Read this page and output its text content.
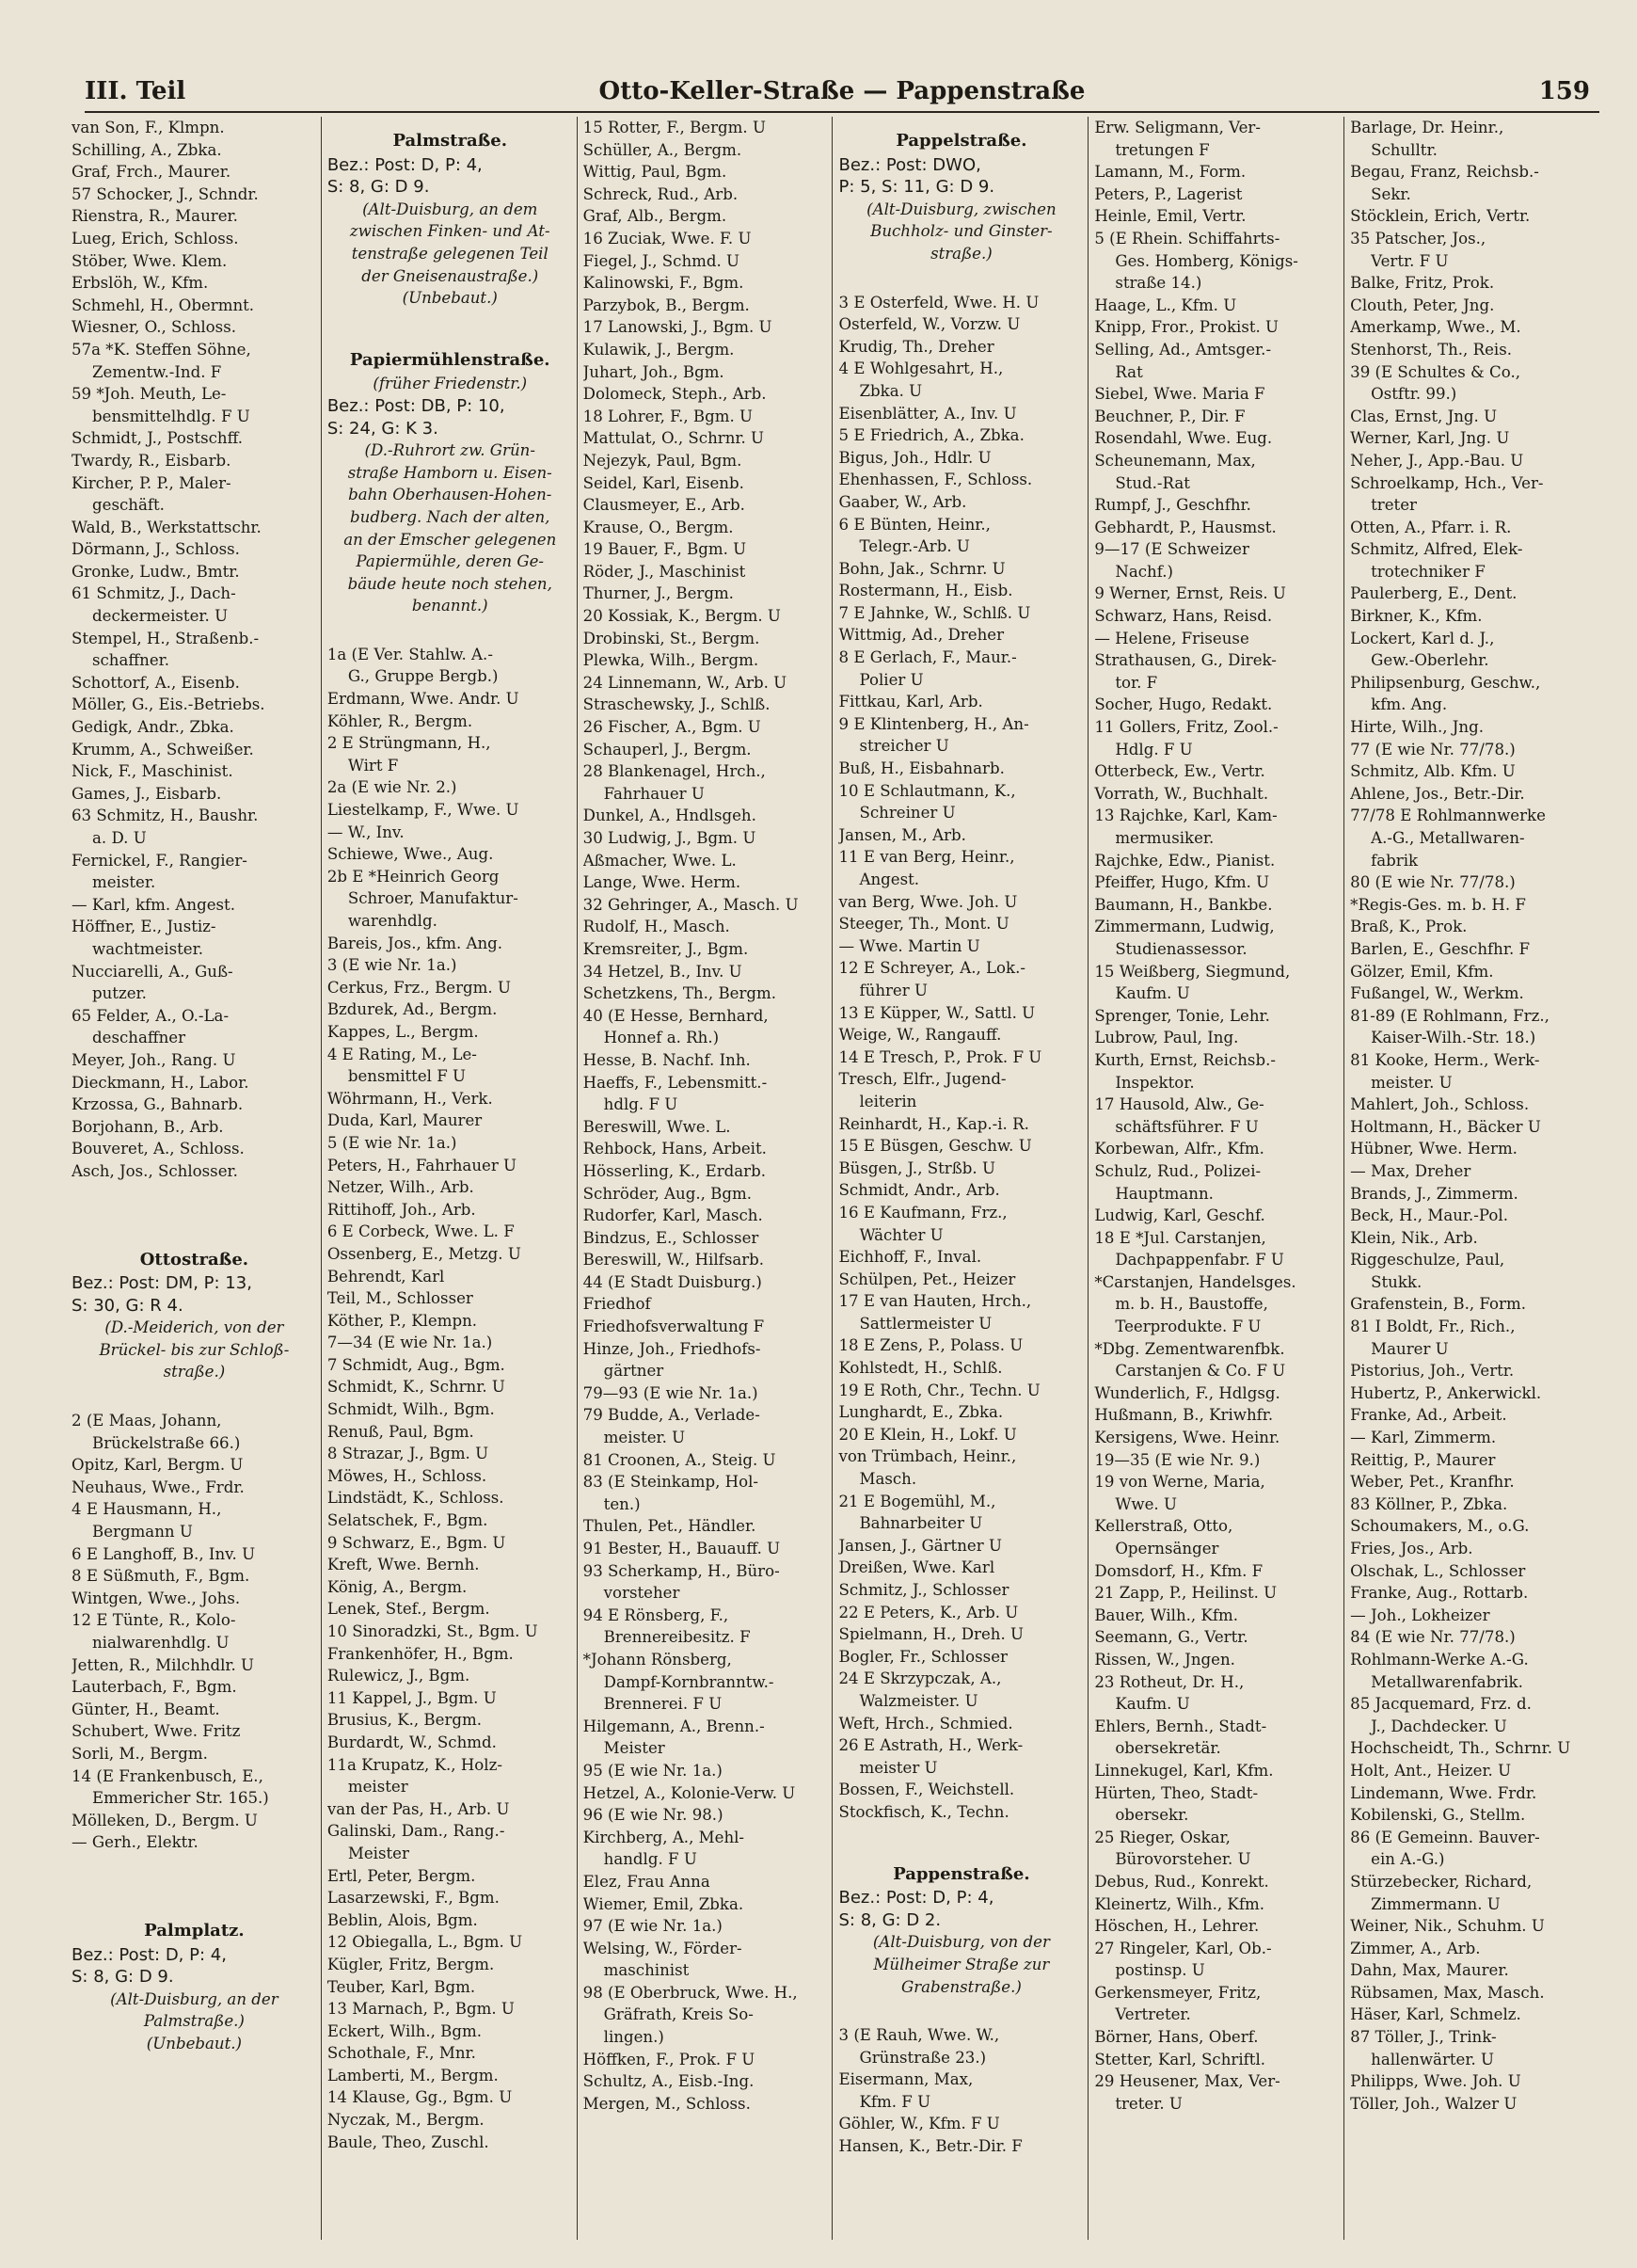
III. Teil	Otto-Keller-Straße — Pappenstraße	159
van Son, F., Klmpn.
Schilling, A., Zbka.
Graf, Frch., Maurer.
57 Schocker, J., Schndr.
Rienstra, R., Maurer.
Lueg, Erich, Schloss.
Stöber, Wwe. Klem.
Erbslöh, W., Kfm.
Schmehl, H., Obermnt.
Wiesner, O., Schloss.
57a *K. Steffen Söhne,
Zementw.-Ind. F
59 *Joh. Meuth, Le-
bensmittelhdlg. F U
Schmidt, J., Postschff.
Twardy, R., Eisbarb.
Kircher, P. P., Maler-
geschäft.
Wald, B., Werkstattschr.
Dörmann, J., Schloss.
Gronke, Ludw., Bmtr.
61 Schmitz, J., Dach-
deckermeister. U
Stempel, H., Straßenb.-
schaffner.
Schottorf, A., Eisenb.
Möller, G., Eis.-Betriebs.
Gedigk, Andr., Zbka.
Krumm, A., Schweißer.
Nick, F., Maschinist.
Games, J., Eisbarb.
63 Schmitz, H., Baushr.
a. D. U
Fernickel, F., Rangier-
meister.
— Karl, kfm. Angest.
Höffner, E., Justiz-
wachtmeister.
Nucciarelli, A., Guß-
putzer.
65 Felder, A., O.-La-
deschaffner
Meyer, Joh., Rang. U
Dieckmann, H., Labor.
Krzossa, G., Bahnarb.
Borjohann, B., Arb.
Bouveret, A., Schloss.
Asch, Jos., Schlosser.
Ottostraße.
Bez.: Post: DM, P: 13,
S: 30, G: R 4.
(D.-Meiderich, von der
Brückel- bis zur Schloß-
straße.)
2 (E Maas, Johann,
Brückelstraße 66.)
Opitz, Karl, Bergm. U
Neuhaus, Wwe., Frdr.
4 E Hausmann, H.,
Bergmann U
6 E Langhoff, B., Inv. U
8 E Süßmuth, F., Bgm.
Wintgen, Wwe., Johs.
12 E Tünte, R., Kolo-
nialwarenhdlg. U
Jetten, R., Milchhdlr. U
Lauterbach, F., Bgm.
Günter, H., Beamt.
Schubert, Wwe. Fritz
Sorli, M., Bergm.
14 (E Frankenbusch, E.,
Emmericher Str. 165.)
Mölleken, D., Bergm. U
— Gerh., Elektr.
Palmplatz.
Bez.: Post: D, P: 4,
S: 8, G: D 9.
(Alt-Duisburg, an der
Palmstraße.)
(Unbebaut.)
Palmstraße.
Bez.: Post: D, P: 4,
S: 8, G: D 9.
(Alt-Duisburg, an dem
zwischen Finken- und At-
tenstraße gelegenen Teil
der Gneisenaustraße.)
(Unbebaut.)
Papiermühlenstraße.
(früher Friedenstr.)
Bez.: Post: DB, P: 10,
S: 24, G: K 3.
(D.-Ruhrort zw. Grün-
straße Hamborn u. Eisen-
bahn Oberhausen-Hohen-
budberg. Nach der alten,
an der Emscher gelegenen
Papiermühle, deren Ge-
bäude heute noch stehen,
benannt.)
1a (E Ver. Stahlw. A.-
G., Gruppe Bergb.)
Erdmann, Wwe. Andr. U
Köhler, R., Bergm.
2 E Strüngmann, H.,
Wirt F
2a (E wie Nr. 2.)
Liestelkamp, F., Wwe. U
— W., Inv.
Schiewe, Wwe., Aug.
2b E *Heinrich Georg
Schroer, Manufaktur-
warenhdlg.
Bareis, Jos., kfm. Ang.
3 (E wie Nr. 1a.)
Cerkus, Frz., Bergm. U
Bzdurek, Ad., Bergm.
Kappes, L., Bergm.
4 E Rating, M., Le-
bensmittel F U
Wöhrmann, H., Verk.
Duda, Karl, Maurer
5 (E wie Nr. 1a.)
Peters, H., Fahrhauer U
Netzer, Wilh., Arb.
Rittihoff, Joh., Arb.
6 E Corbeck, Wwe. L. F
Ossenberg, E., Metzg. U
Behrendt, Karl
Teil, M., Schlosser
Köther, P., Klempn.
7—34 (E wie Nr. 1a.)
7 Schmidt, Aug., Bgm.
Schmidt, K., Schrnr. U
Schmidt, Wilh., Bgm.
Renuß, Paul, Bgm.
8 Strazar, J., Bgm. U
Möwes, H., Schloss.
Lindstädt, K., Schloss.
Selatschek, F., Bgm.
9 Schwarz, E., Bgm. U
Kreft, Wwe. Bernh.
König, A., Bergm.
Lenek, Stef., Bergm.
10 Sinoradzki, St., Bgm. U
Frankenhöfer, H., Bgm.
Rulewicz, J., Bgm.
11 Kappel, J., Bgm. U
Brusius, K., Bergm.
Burdardt, W., Schmd.
11a Krupatz, K., Holz-
meister
van der Pas, H., Arb. U
Galinski, Dam., Rang.-
Meister
Ertl, Peter, Bergm.
Lasarzewski, F., Bgm.
Beblin, Alois, Bgm.
12 Obiegalla, L., Bgm. U
Kügler, Fritz, Bergm.
Teuber, Karl, Bgm.
13 Marnach, P., Bgm. U
Eckert, Wilh., Bgm.
Schothale, F., Mnr.
Lamberti, M., Bergm.
14 Klause, Gg., Bgm. U
Nyczak, M., Bergm.
Baule, Theo, Zuschl.
15 Rotter, F., Bergm. U
Schüller, A., Bergm.
Wittig, Paul, Bgm.
Schreck, Rud., Arb.
Graf, Alb., Bergm.
16 Zuciak, Wwe. F. U
Fiegel, J., Schmd. U
Kalinowski, F., Bgm.
Parzybok, B., Bergm.
17 Lanowski, J., Bgm. U
Kulawik, J., Bergm.
Juhart, Joh., Bgm.
Dolomeck, Steph., Arb.
18 Lohrer, F., Bgm. U
Mattulat, O., Schrnr. U
Nejezyk, Paul, Bgm.
Seidel, Karl, Eisenb.
Clausmeyer, E., Arb.
Krause, O., Bergm.
19 Bauer, F., Bgm. U
Röder, J., Maschinist
Thurner, J., Bergm.
20 Kossiak, K., Bergm. U
Drobinski, St., Bergm.
Plewka, Wilh., Bergm.
24 Linnemann, W., Arb. U
Straschewsky, J., Schlß.
26 Fischer, A., Bgm. U
Schauperl, J., Bergm.
28 Blankenagel, Hrch.,
Fahrhauer U
Dunkel, A., Hndlsgeh.
30 Ludwig, J., Bgm. U
Aßmacher, Wwe. L.
Lange, Wwe. Herm.
32 Gehringer, A., Masch. U
Rudolf, H., Masch.
Kremsreiter, J., Bgm.
34 Hetzel, B., Inv. U
Schetzkens, Th., Bergm.
40 (E Hesse, Bernhard,
Honnef a. Rh.)
Hesse, B. Nachf. Inh.
Haeffs, F., Lebensmitt.-
hdlg. F U
Bereswill, Wwe. L.
Rehbock, Hans, Arbeit.
Hösserling, K., Erdarb.
Schröder, Aug., Bgm.
Rudorfer, Karl, Masch.
Bindzus, E., Schlosser
Bereswill, W., Hilfsarb.
44 (E Stadt Duisburg.)
Friedhof
Friedhofsverwaltung F
Hinze, Joh., Friedhofs-
gärtner
79—93 (E wie Nr. 1a.)
79 Budde, A., Verlade-
meister. U
81 Croonen, A., Steig. U
83 (E Steinkamp, Hol-
ten.)
Thulen, Pet., Händler.
91 Bester, H., Bauauff. U
93 Scherkamp, H., Büro-
vorsteher
94 E Rönsberg, F.,
Brennereibesitz. F
*Johann Rönsberg,
Dampf-Kornbranntw.-
Brennerei. F U
Hilgemann, A., Brenn.-
Meister
95 (E wie Nr. 1a.)
Hetzel, A., Kolonie-Verw. U
96 (E wie Nr. 98.)
Kirchberg, A., Mehl-
handlg. F U
Elez, Frau Anna
Wiemer, Emil, Zbka.
97 (E wie Nr. 1a.)
Welsing, W., Förder-
maschinist
98 (E Oberbruck, Wwe. H.,
Gräfrath, Kreis So-
lingen.)
Höffken, F., Prok. F U
Schultz, A., Eisb.-Ing.
Mergen, M., Schloss.
Pappelstraße.
Bez.: Post: DWO,
P: 5, S: 11, G: D 9.
(Alt-Duisburg, zwischen
Buchholz- und Ginster-
straße.)
3 E Osterfeld, Wwe. H. U
Osterfeld, W., Vorzw. U
Krudig, Th., Dreher
4 E Wohlgesahrt, H.,
Zbka. U
Eisenblätter, A., Inv. U
5 E Friedrich, A., Zbka.
Bigus, Joh., Hdlr. U
Ehenhassen, F., Schloss.
Gaaber, W., Arb.
6 E Bünten, Heinr.,
Telegr.-Arb. U
Bohn, Jak., Schrnr. U
Rostermann, H., Eisb.
7 E Jahnke, W., Schlß. U
Wittmig, Ad., Dreher
8 E Gerlach, F., Maur.-
Polier U
Fittkau, Karl, Arb.
9 E Klintenberg, H., An-
streicher U
Buß, H., Eisbahnarb.
10 E Schlautmann, K.,
Schreiner U
Jansen, M., Arb.
11 E van Berg, Heinr.,
Angest.
van Berg, Wwe. Joh. U
Steeger, Th., Mont. U
— Wwe. Martin U
12 E Schreyer, A., Lok.-
führer U
13 E Küpper, W., Sattl. U
Weige, W., Rangauff.
14 E Tresch, P., Prok. F U
Tresch, Elfr., Jugend-
leiterin
Reinhardt, H., Kap.-i. R.
15 E Büsgen, Geschw. U
Büsgen, J., Strßb. U
Schmidt, Andr., Arb.
16 E Kaufmann, Frz.,
Wächter U
Eichhoff, F., Inval.
Schülpen, Pet., Heizer
17 E van Hauten, Hrch.,
Sattlermeister U
18 E Zens, P., Polass. U
Kohlstedt, H., Schlß.
19 E Roth, Chr., Techn. U
Lunghardt, E., Zbka.
20 E Klein, H., Lokf. U
von Trümbach, Heinr.,
Masch.
21 E Bogemühl, M.,
Bahnarbeiter U
Jansen, J., Gärtner U
Dreißen, Wwe. Karl
Schmitz, J., Schlosser
22 E Peters, K., Arb. U
Spielmann, H., Dreh. U
Bogler, Fr., Schlosser
24 E Skrzypczak, A.,
Walzmeister. U
Weft, Hrch., Schmied.
26 E Astrath, H., Werk-
meister U
Bossen, F., Weichstell.
Stockfisch, K., Techn.
Pappenstraße.
Bez.: Post: D, P: 4,
S: 8, G: D 2.
(Alt-Duisburg, von der
Mülheimer Straße zur
Grabenstraße.)
3 (E Rauh, Wwe. W.,
Grünstraße 23.)
Eisermann, Max,
Kfm. F U
Göhler, W., Kfm. F U
Hansen, K., Betr.-Dir. F
Erw. Seligmann, Ver-
tretungen F
Lamann, M., Form.
Peters, P., Lagerist
Heinle, Emil, Vertr.
5 (E Rhein. Schiffahrts-
Ges. Homberg, Königs-
straße 14.)
Haage, L., Kfm. U
Knipp, Fror., Prokist. U
Selling, Ad., Amtsger.-
Rat
Siebel, Wwe. Maria F
Beuchner, P., Dir. F
Rosendahl, Wwe. Eug.
Scheunemann, Max,
Stud.-Rat
Rumpf, J., Geschfhr.
Gebhardt, P., Hausmst.
9—17 (E Schweizer
Nachf.)
9 Werner, Ernst, Reis. U
Schwarz, Hans, Reisd.
— Helene, Friseuse
Strathausen, G., Direk-
tor. F
Socher, Hugo, Redakt.
11 Gollers, Fritz, Zool.-
Hdlg. F U
Otterbeck, Ew., Vertr.
Vorrath, W., Buchhalt.
13 Rajchke, Karl, Kam-
mermusiker.
Rajchke, Edw., Pianist.
Pfeiffer, Hugo, Kfm. U
Baumann, H., Bankbe.
Zimmermann, Ludwig,
Studienassessor.
15 Weißberg, Siegmund,
Kaufm. U
Sprenger, Tonie, Lehr.
Lubrow, Paul, Ing.
Kurth, Ernst, Reichsb.-
Inspektor.
17 Hausold, Alw., Ge-
schäftsführer. F U
Korbewan, Alfr., Kfm.
Schulz, Rud., Polizei-
Hauptmann.
Ludwig, Karl, Geschf.
18 E *Jul. Carstanjen,
Dachpappenfabr. F U
*Carstanjen, Handelsges.
m. b. H., Baustoffe,
Teerprodukte. F U
*Dbg. Zementwarenfbk.
Carstanjen & Co. F U
Wunderlich, F., Hdlgsg.
Hußmann, B., Kriwhfr.
Kersigens, Wwe. Heinr.
19—35 (E wie Nr. 9.)
19 von Werne, Maria,
Wwe. U
Kellerstraß, Otto,
Opernsänger
Domsdorf, H., Kfm. F
21 Zapp, P., Heilinst. U
Bauer, Wilh., Kfm.
Seemann, G., Vertr.
Rissen, W., Jngen.
23 Rotheut, Dr. H.,
Kaufm. U
Ehlers, Bernh., Stadt-
obersekretär.
Linnekugel, Karl, Kfm.
Hürten, Theo, Stadt-
obersekr.
25 Rieger, Oskar,
Bürovorsteher. U
Debus, Rud., Konrekt.
Kleinertz, Wilh., Kfm.
Höschen, H., Lehrer.
27 Ringeler, Karl, Ob.-
postinsp. U
Gerkensmeyer, Fritz,
Vertreter.
Börner, Hans, Oberf.
Stetter, Karl, Schriftl.
29 Heusener, Max, Ver-
treter. U
Barlage, Dr. Heinr.,
Schulltr.
Begau, Franz, Reichsb.-
Sekr.
Stöcklein, Erich, Vertr.
35 Patscher, Jos.,
Vertr. F U
Balke, Fritz, Prok.
Clouth, Peter, Jng.
Amerkamp, Wwe., M.
Stenhorst, Th., Reis.
39 (E Schultes & Co.,
Ostftr. 99.)
Clas, Ernst, Jng. U
Werner, Karl, Jng. U
Neher, J., App.-Bau. U
Schroelkamp, Hch., Ver-
treter
Otten, A., Pfarr. i. R.
Schmitz, Alfred, Elek-
trotechniker F
Paulerberg, E., Dent.
Birkner, K., Kfm.
Lockert, Karl d. J.,
Gew.-Oberlehr.
Philipsenburg, Geschw.,
kfm. Ang.
Hirte, Wilh., Jng.
77 (E wie Nr. 77/78.)
Schmitz, Alb. Kfm. U
Ahlene, Jos., Betr.-Dir.
77/78 E Rohlmannwerke
A.-G., Metallwaren-
fabrik
80 (E wie Nr. 77/78.)
*Regis-Ges. m. b. H. F
Braß, K., Prok.
Barlen, E., Geschfhr. F
Gölzer, Emil, Kfm.
Fußangel, W., Werkm.
81-89 (E Rohlmann, Frz.,
Kaiser-Wilh.-Str. 18.)
81 Kooke, Herm., Werk-
meister. U
Mahlert, Joh., Schloss.
Holtmann, H., Bäcker U
Hübner, Wwe. Herm.
— Max, Dreher
Brands, J., Zimmerm.
Beck, H., Maur.-Pol.
Klein, Nik., Arb.
Riggeschulze, Paul,
Stukk.
Grafenstein, B., Form.
81 I Boldt, Fr., Rich.,
Maurer U
Pistorius, Joh., Vertr.
Hubertz, P., Ankerwickl.
Franke, Ad., Arbeit.
— Karl, Zimmerm.
Reittig, P., Maurer
Weber, Pet., Kranfhr.
83 Köllner, P., Zbka.
Schoumakers, M., o.G.
Fries, Jos., Arb.
Olschak, L., Schlosser
Franke, Aug., Rottarb.
— Joh., Lokheizer
84 (E wie Nr. 77/78.)
Rohlmann-Werke A.-G.
Metallwarenfabrik.
85 Jacquemard, Frz. d.
J., Dachdecker. U
Hochscheidt, Th., Schrnr. U
Holt, Ant., Heizer. U
Lindemann, Wwe. Frdr.
Kobilenski, G., Stellm.
86 (E Gemeinn. Bauver-
ein A.-G.)
Stürzebecker, Richard,
Zimmermann. U
Weiner, Nik., Schuhm. U
Zimmer, A., Arb.
Dahn, Max, Maurer.
Rübsamen, Max, Masch.
Häser, Karl, Schmelz.
87 Töller, J., Trink-
hallenwärter. U
Philipps, Wwe. Joh. U
Töller, Joh., Walzer U
